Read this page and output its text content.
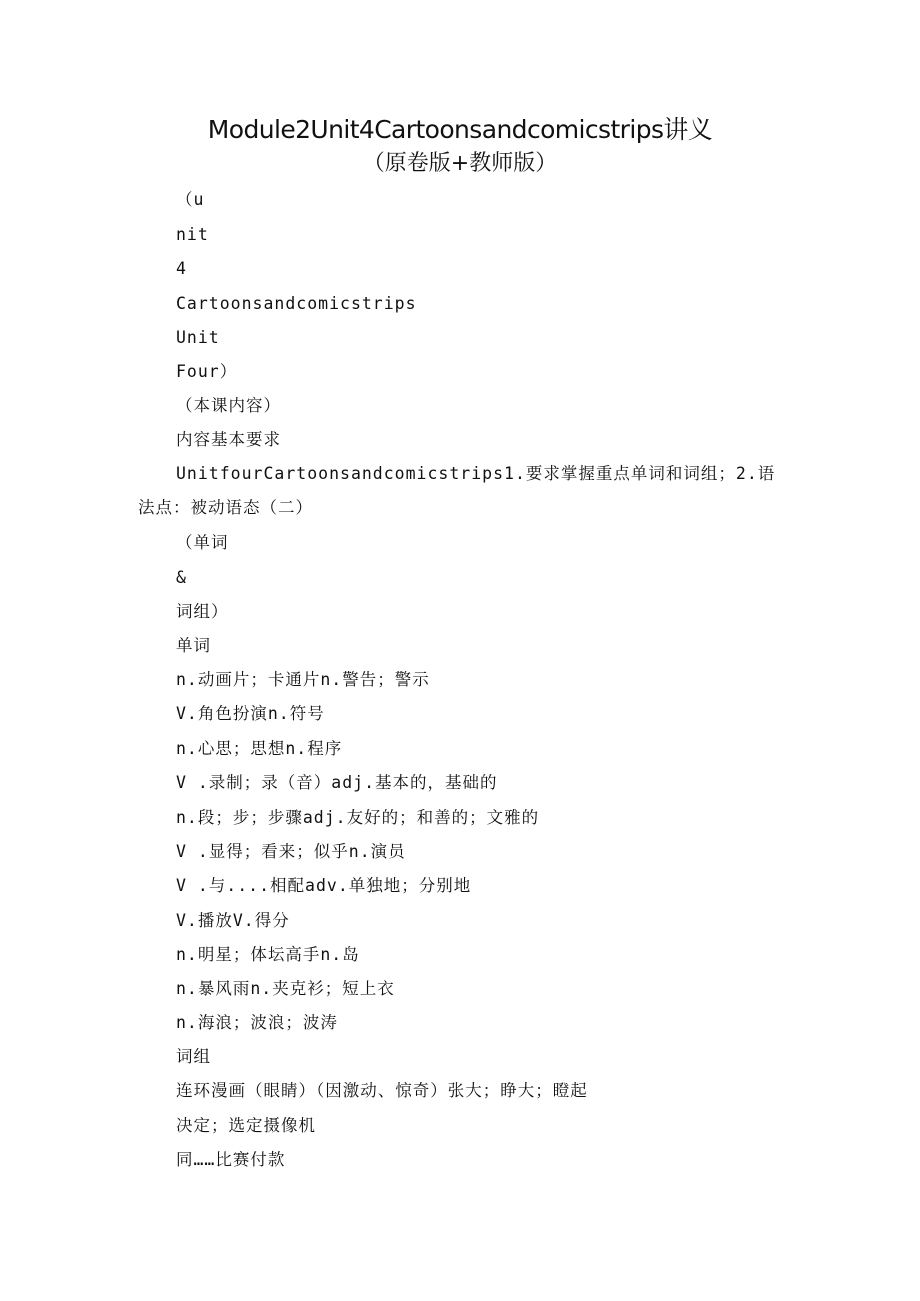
Module2Unit4Cartoonsandcomicstrips讲义
（原卷版+教师版）
（u
nit
4
Cartoonsandcomicstrips
Unit
Four）
（本课内容）
内容基本要求
UnitfourCartoonsandcomicstrips1.要求掌握重点单词和词组；2.语法点：被动语态（二）
（单词
&
词组）
单词
n.动画片；卡通片n.警告；警示
V.角色扮演n.符号
n.心思；思想n.程序
V .录制；录（音）adj.基本的，基础的
n.段；步；步骤adj.友好的；和善的；文雅的
V .显得；看来；似乎n.演员
V .与....相配adv.单独地；分别地
V.播放V.得分
n.明星；体坛高手n.岛
n.暴风雨n.夹克衫；短上衣
n.海浪；波浪；波涛
词组
连环漫画（眼睛）（因激动、惊奇）张大；睁大；瞪起
决定；选定摄像机
同……比赛付款
